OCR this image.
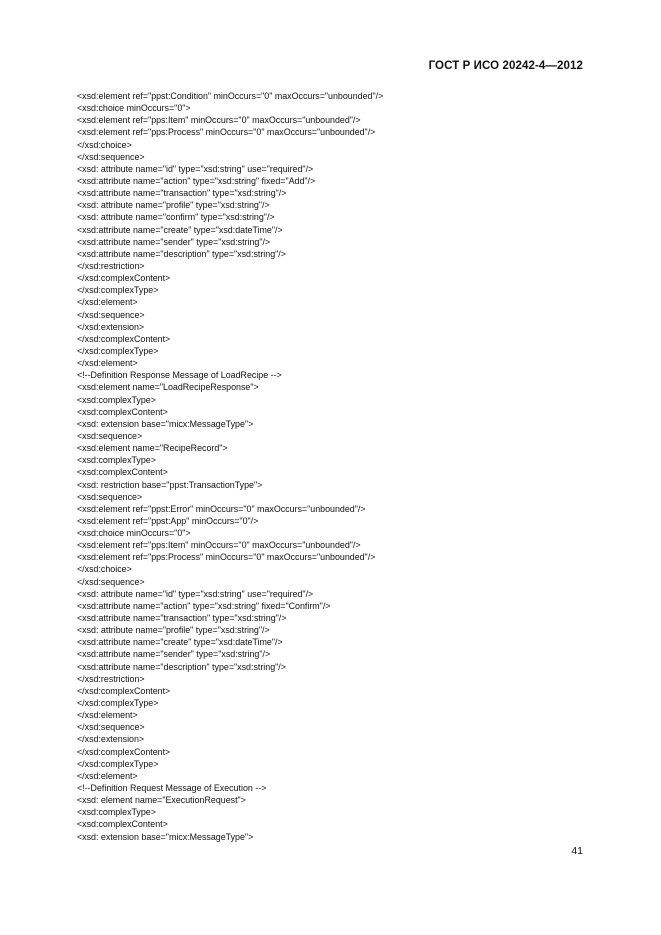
ГОСТ Р ИСО 20242-4—2012
<xsd:element ref="ppst:Condition" minOccurs="0" maxOccurs="unbounded"/>
<xsd:choice minOccurs="0">
<xsd:element ref="pps:Item" minOccurs="0" maxOccurs="unbounded"/>
<xsd:element ref="pps:Process" minOccurs="0" maxOccurs="unbounded"/>
</xsd:choice>
</xsd:sequence>
<xsd: attribute name="id" type="xsd:string" use="required"/>
<xsd:attribute name="action" type="xsd:string" fixed="Add"/>
<xsd:attribute name="transaction" type="xsd:string"/>
<xsd: attribute name="profile" type="xsd:string"/>
<xsd: attribute name="confirm" type="xsd:string"/>
<xsd:attribute name="create" type="xsd:dateTime"/>
<xsd:attribute name="sender" type="xsd:string"/>
<xsd:attribute name="description" type="xsd:string"/>
</xsd:restriction>
</xsd:complexContent>
</xsd:complexType>
</xsd:element>
</xsd:sequence>
</xsd:extension>
</xsd:complexContent>
</xsd:complexType>
</xsd:element>
<!--Definition Response Message of LoadRecipe -->
<xsd:element name="LoadRecipeResponse">
<xsd:complexType>
<xsd:complexContent>
<xsd: extension base="micx:MessageType">
<xsd:sequence>
<xsd:element name="RecipeRecord">
<xsd:complexType>
<xsd:complexContent>
<xsd: restriction base="ppst:TransactionType">
<xsd:sequence>
<xsd:element ref="ppst:Error" minOccurs="0" maxOccurs="unbounded"/>
<xsd:element ref="ppst:App" minOccurs="0"/>
<xsd:choice minOccurs="0">
<xsd:element ref="pps:Item" minOccurs="0" maxOccurs="unbounded"/>
<xsd:element ref="pps:Process" minOccurs="0" maxOccurs="unbounded"/>
</xsd:choice>
</xsd:sequence>
<xsd: attribute name="id" type="xsd:string" use="required"/>
<xsd:attribute name="action" type="xsd:string" fixed="Confirm"/>
<xsd:attribute name="transaction" type="xsd:string"/>
<xsd: attribute name="profile" type="xsd:string"/>
<xsd:attribute name="create" type="xsd:dateTime"/>
<xsd:attribute name="sender" type="xsd:string"/>
<xsd:attribute name="description" type="xsd:string"/>
</xsd:restriction>
</xsd:complexContent>
</xsd:complexType>
</xsd:element>
</xsd:sequence>
</xsd:extension>
</xsd:complexContent>
</xsd:complexType>
</xsd:element>
<!--Definition Request Message of Execution -->
<xsd: element name="ExecutionRequest">
<xsd:complexType>
<xsd:complexContent>
<xsd: extension base="micx:MessageType">
41
